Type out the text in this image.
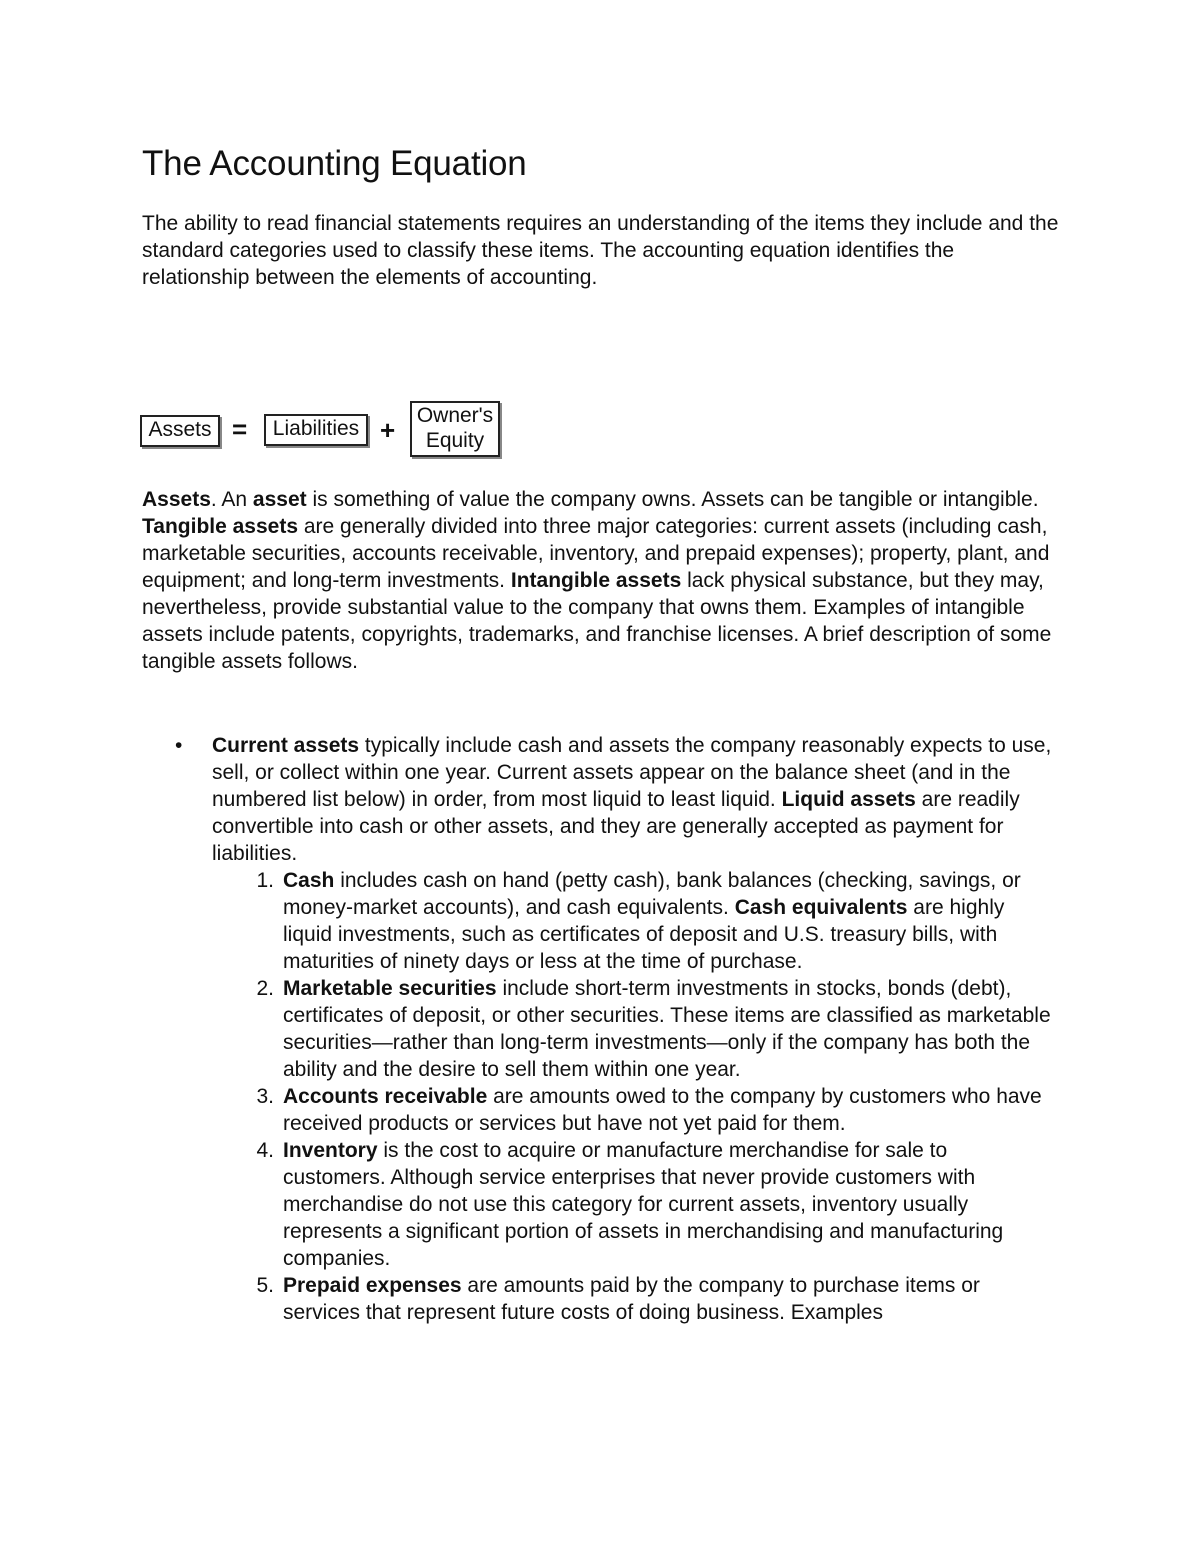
The Accounting Equation

The ability to read financial statements requires an understanding of the items they include and the standard categories used to classify these items. The accounting equation identifies the relationship between the elements of accounting.

Assets =	Liabilities + Owner's
Equity

Assets. An asset is something of value the company owns. Assets can be tangible or intangible. Tangible assets are generally divided into three major categories: current assets (including cash, marketable securities, accounts receivable, inventory, and prepaid expenses); property, plant, and equipment; and long-term investments. Intangible assets lack physical substance, but they may, nevertheless, provide substantial value to the company that owns them. Examples of intangible assets include patents, copyrights, trademarks, and franchise licenses. A brief description of some tangible assets follows.

• Current assets typically include cash and assets the company reasonably expects to use, sell, or collect within one year. Current assets appear on the balance sheet (and in the numbered list below) in order, from most liquid to least liquid. Liquid assets are readily convertible into cash or other assets, and they are generally accepted as payment for liabilities.
1. Cash includes cash on hand (petty cash), bank balances (checking, savings, or money-market accounts), and cash equivalents. Cash equivalents are highly liquid investments, such as certificates of deposit and U.S. treasury bills, with maturities of ninety days or less at the time of purchase.
2. Marketable securities include short-term investments in stocks, bonds (debt), certificates of deposit, or other securities. These items are classified as marketable securities—rather than long-term investments—only if the company has both the ability and the desire to sell them within one year.
3. Accounts receivable are amounts owed to the company by customers who have received products or services but have not yet paid for them.
4. Inventory is the cost to acquire or manufacture merchandise for sale to customers. Although service enterprises that never provide customers with merchandise do not use this category for current assets, inventory usually represents a significant portion of assets in merchandising and manufacturing companies.
5. Prepaid expenses are amounts paid by the company to purchase items or services that represent future costs of doing business. Examples
